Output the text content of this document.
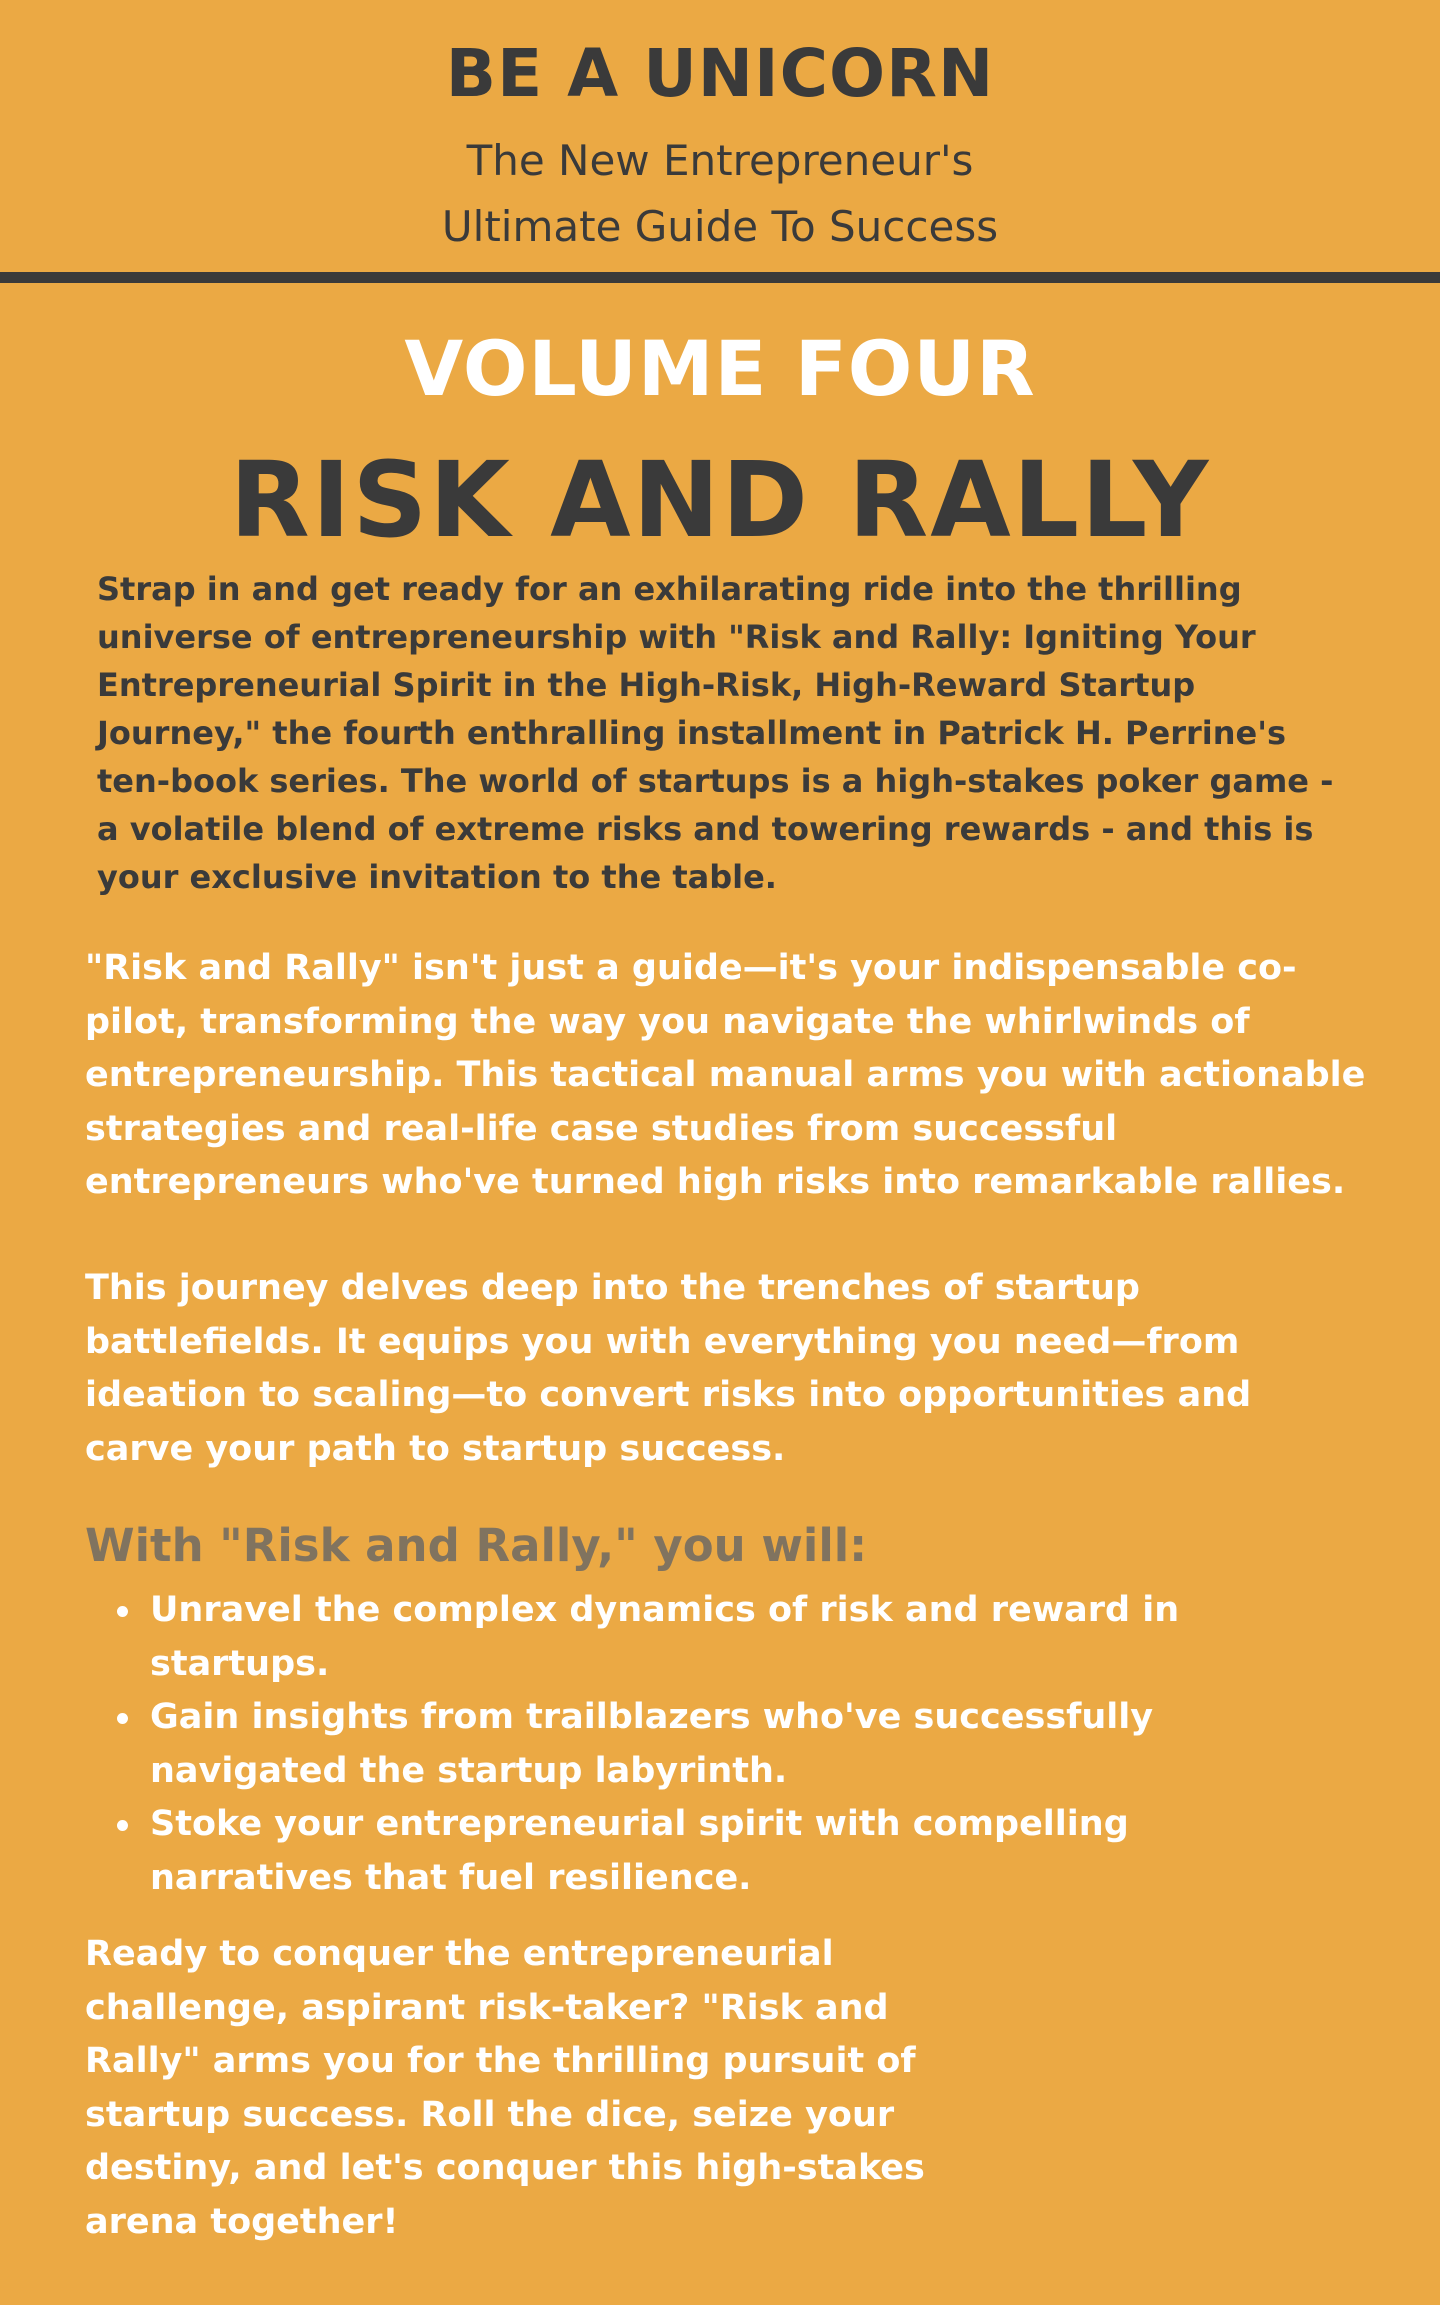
BE A UNICORN
The New Entrepreneur's
Ultimate Guide To Success
VOLUME FOUR
RISK AND RALLY

Strap in and get ready for an exhilarating ride into the thrilling universe of entrepreneurship with "Risk and Rally: Igniting Your Entrepreneurial Spirit in the High-Risk, High-Reward Startup Journey," the fourth enthralling installment in Patrick H. Perrine's ten-book series. The world of startups is a high-stakes poker game - a volatile blend of extreme risks and towering rewards - and this is your exclusive invitation to the table.

"Risk and Rally" isn't just a guide—it's your indispensable co-pilot, transforming the way you navigate the whirlwinds of entrepreneurship. This tactical manual arms you with actionable strategies and real-life case studies from successful entrepreneurs who've turned high risks into remarkable rallies.

This journey delves deep into the trenches of startup battlefields. It equips you with everything you need—from ideation to scaling—to convert risks into opportunities and carve your path to startup success.

With "Risk and Rally," you will:
Unravel the complex dynamics of risk and reward in startups.
Gain insights from trailblazers who've successfully navigated the startup labyrinth.
Stoke your entrepreneurial spirit with compelling narratives that fuel resilience.

Ready to conquer the entrepreneurial challenge, aspirant risk-taker? "Risk and Rally" arms you for the thrilling pursuit of startup success. Roll the dice, seize your destiny, and let's conquer this high-stakes arena together!
